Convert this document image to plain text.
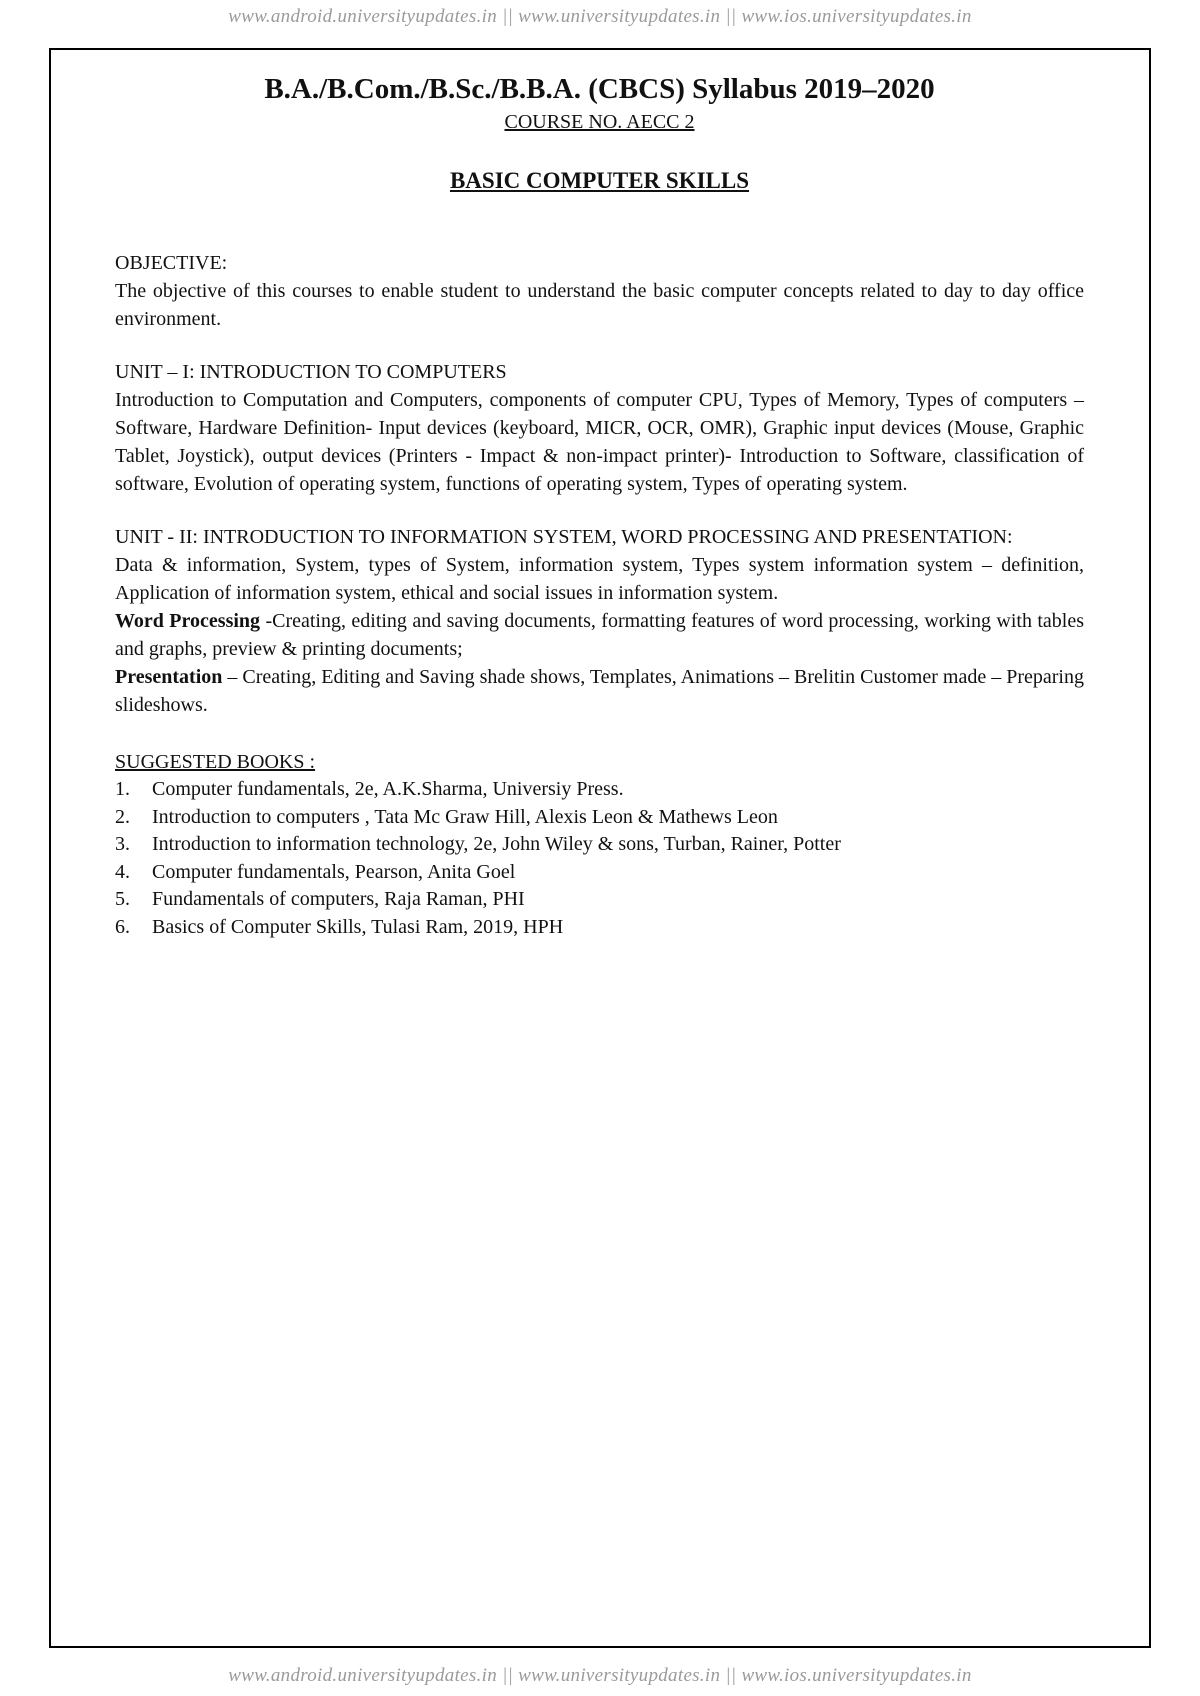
www.android.universityupdates.in || www.universityupdates.in || www.ios.universityupdates.in
B.A./B.Com./B.Sc./B.B.A. (CBCS) Syllabus 2019–2020

COURSE NO. AECC 2

BASIC COMPUTER SKILLS

OBJECTIVE:

The objective of this courses to enable student to understand the basic computer concepts related to day to day office environment.

UNIT – I: INTRODUCTION TO COMPUTERS

Introduction to Computation and Computers, components of computer CPU, Types of Memory, Types of computers – Software, Hardware Definition- Input devices (keyboard, MICR, OCR, OMR), Graphic input devices (Mouse, Graphic Tablet, Joystick), output devices (Printers - Impact & non-impact printer)- Introduction to Software, classification of software, Evolution of operating system, functions of operating system, Types of operating system.

UNIT - II: INTRODUCTION TO INFORMATION SYSTEM, WORD PROCESSING AND PRESENTATION:

Data & information, System, types of System, information system, Types system information system – definition, Application of information system, ethical and social issues in information system.

Word Processing -Creating, editing and saving documents, formatting features of word processing, working with tables and graphs, preview & printing documents;

Presentation – Creating, Editing and Saving shade shows, Templates, Animations – Brelitin Customer made – Preparing slideshows.

SUGGESTED BOOKS :

1.	Computer fundamentals, 2e, A.K.Sharma, Universiy Press.
2.	Introduction to computers , Tata Mc Graw Hill, Alexis Leon & Mathews Leon
3.	Introduction to information technology, 2e, John Wiley & sons, Turban, Rainer, Potter
4.	Computer fundamentals, Pearson, Anita Goel
5.	Fundamentals of computers, Raja Raman, PHI
6.	Basics of Computer Skills, Tulasi Ram, 2019, HPH
www.android.universityupdates.in || www.universityupdates.in || www.ios.universityupdates.in
